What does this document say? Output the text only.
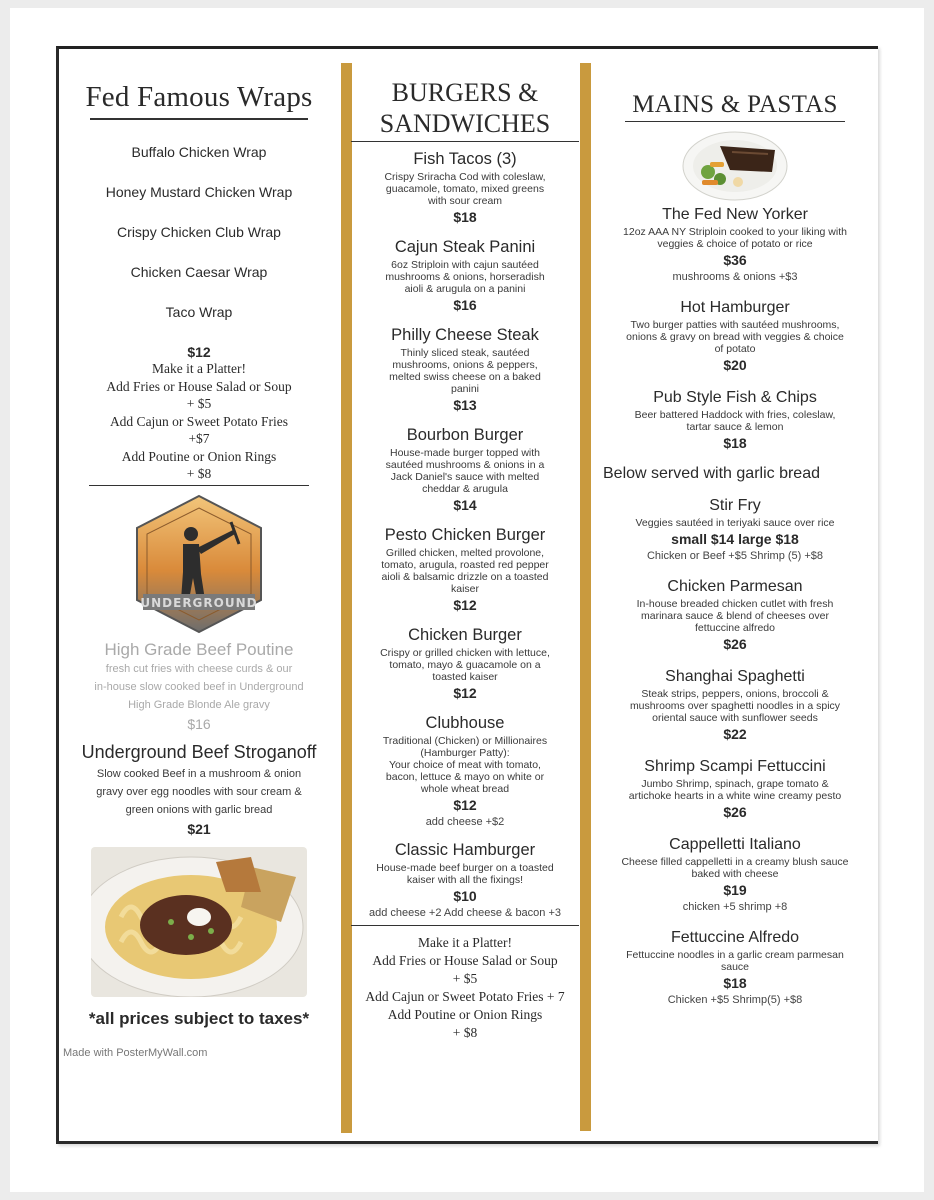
Fed Famous Wraps
Buffalo Chicken Wrap
Honey Mustard Chicken Wrap
Crispy Chicken Club Wrap
Chicken Caesar Wrap
Taco Wrap
$12
Make it a Platter!
Add Fries or House Salad or Soup
+ $5
Add Cajun or Sweet Potato Fries
+$7
Add Poutine or Onion Rings
+ $8
UNDERGROUND
High Grade Beef Poutine
fresh cut fries with cheese curds & our
in-house slow cooked beef in Underground
High Grade Blonde Ale gravy
$16
Underground Beef Stroganoff
Slow cooked Beef in a mushroom & onion
gravy over egg noodles with sour cream &
green onions with garlic bread
$21
*all prices subject to taxes*
Made with PosterMyWall.com
BURGERS &
SANDWICHES
Fish Tacos (3)
Crispy Sriracha Cod with coleslaw,
guacamole, tomato, mixed greens
with sour cream
$18
Cajun Steak Panini
6oz Striploin with cajun sautéed
mushrooms & onions, horseradish
aioli & arugula on a panini
$16
Philly Cheese Steak
Thinly sliced steak, sautéed
mushrooms, onions & peppers,
melted swiss cheese on a baked
panini
$13
Bourbon Burger
House-made burger topped with
sautéed mushrooms & onions in a
Jack Daniel's sauce with melted
cheddar & arugula
$14
Pesto Chicken Burger
Grilled chicken, melted provolone,
tomato, arugula, roasted red pepper
aioli & balsamic drizzle on a toasted
kaiser
$12
Chicken Burger
Crispy or grilled chicken with lettuce,
tomato, mayo & guacamole on a
toasted kaiser
$12
Clubhouse
Traditional (Chicken) or Millionaires
(Hamburger Patty):
Your choice of meat with tomato,
bacon, lettuce & mayo on white or
whole wheat bread
$12
add cheese +$2
Classic Hamburger
House-made beef burger on a toasted
kaiser with all the fixings!
$10
add cheese +2 Add cheese & bacon +3
Make it a Platter!
Add Fries or House Salad or Soup
+ $5
Add Cajun or Sweet Potato Fries + 7
Add Poutine or Onion Rings
+ $8
MAINS & PASTAS
The Fed New Yorker
12oz AAA NY Striploin cooked to your liking with
veggies & choice of potato or rice
$36
mushrooms & onions +$3
Hot Hamburger
Two burger patties with sautéed mushrooms,
onions & gravy on bread with veggies & choice
of potato
$20
Pub Style Fish & Chips
Beer battered Haddock with fries, coleslaw,
tartar sauce & lemon
$18
Below served with garlic bread
Stir Fry
Veggies sautéed in teriyaki sauce over rice
small $14 large $18
Chicken or Beef +$5 Shrimp (5) +$8
Chicken Parmesan
In-house breaded chicken cutlet with fresh
marinara sauce & blend of cheeses over
fettuccine alfredo
$26
Shanghai Spaghetti
Steak strips, peppers, onions, broccoli &
mushrooms over spaghetti noodles in a spicy
oriental sauce with sunflower seeds
$22
Shrimp Scampi Fettuccini
Jumbo Shrimp, spinach, grape tomato &
artichoke hearts in a white wine creamy pesto
$26
Cappelletti Italiano
Cheese filled cappelletti in a creamy blush sauce
baked with cheese
$19
chicken +5 shrimp +8
Fettuccine Alfredo
Fettuccine noodles in a garlic cream parmesan
sauce
$18
Chicken +$5 Shrimp(5) +$8
